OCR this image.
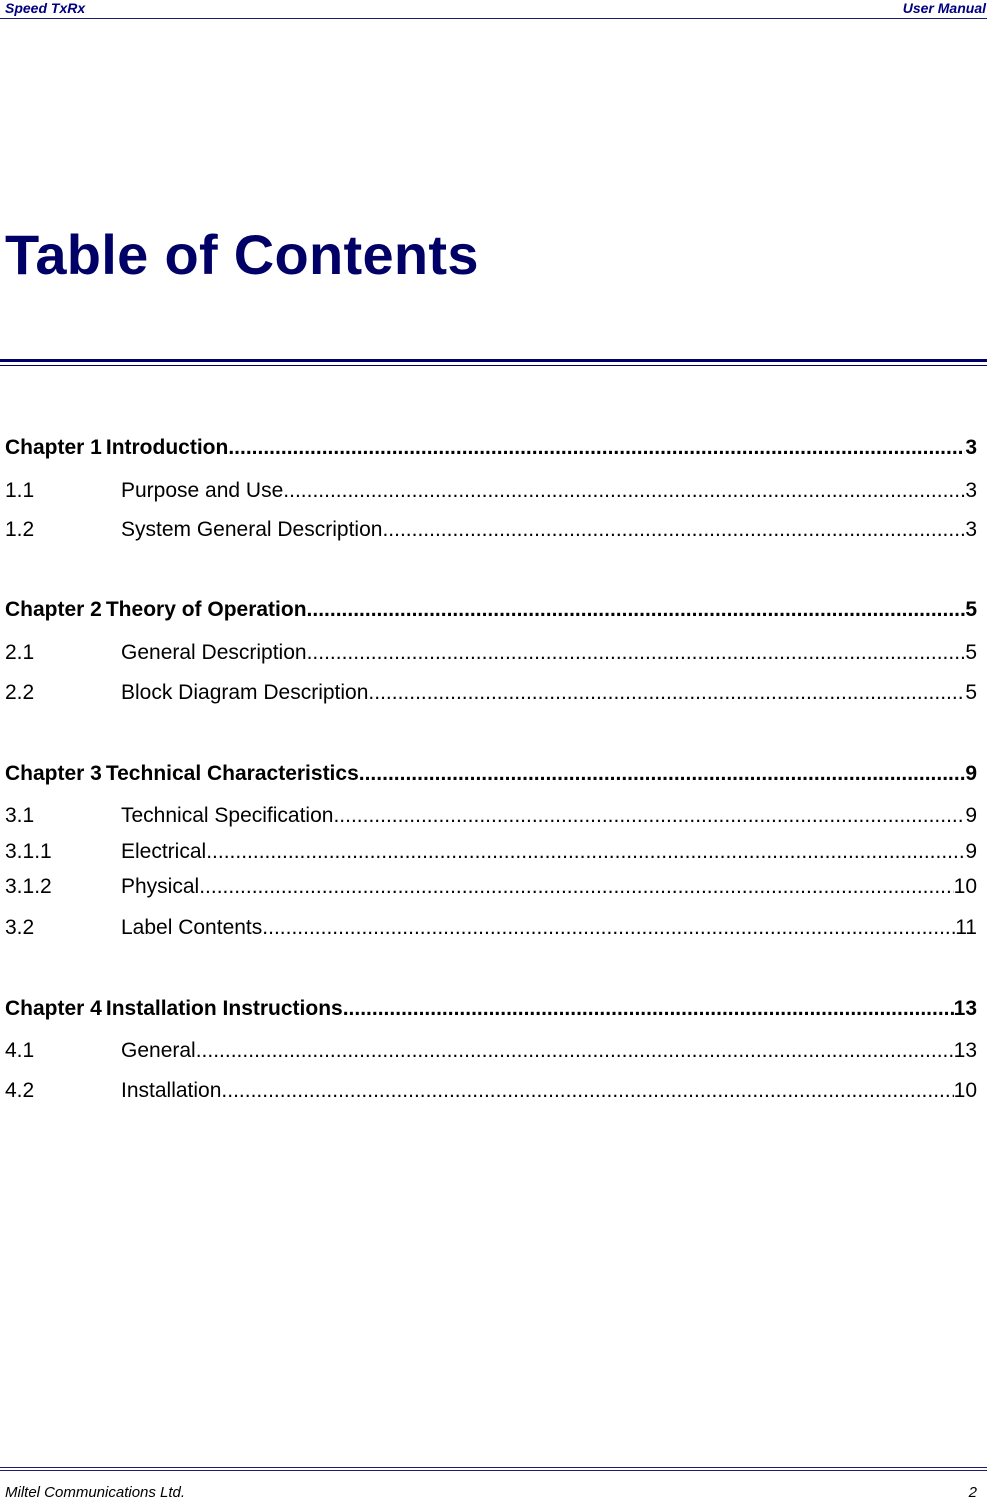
Speed TxRx	User Manual
Table of Contents
Chapter 1 Introduction .....	3
1.1	Purpose and Use .....	3
1.2	System General Description .....	3
Chapter 2 Theory of Operation .....	5
2.1	General Description .....	5
2.2	Block Diagram Description .....	5
Chapter 3 Technical Characteristics .....	9
3.1	Technical Specification .....	9
3.1.1	Electrical .....	9
3.1.2	Physical .....	10
3.2	Label Contents .....	11
Chapter 4 Installation Instructions .....	13
4.1	General .....	13
4.2	Installation .....	10
Miltel Communications Ltd.	2
